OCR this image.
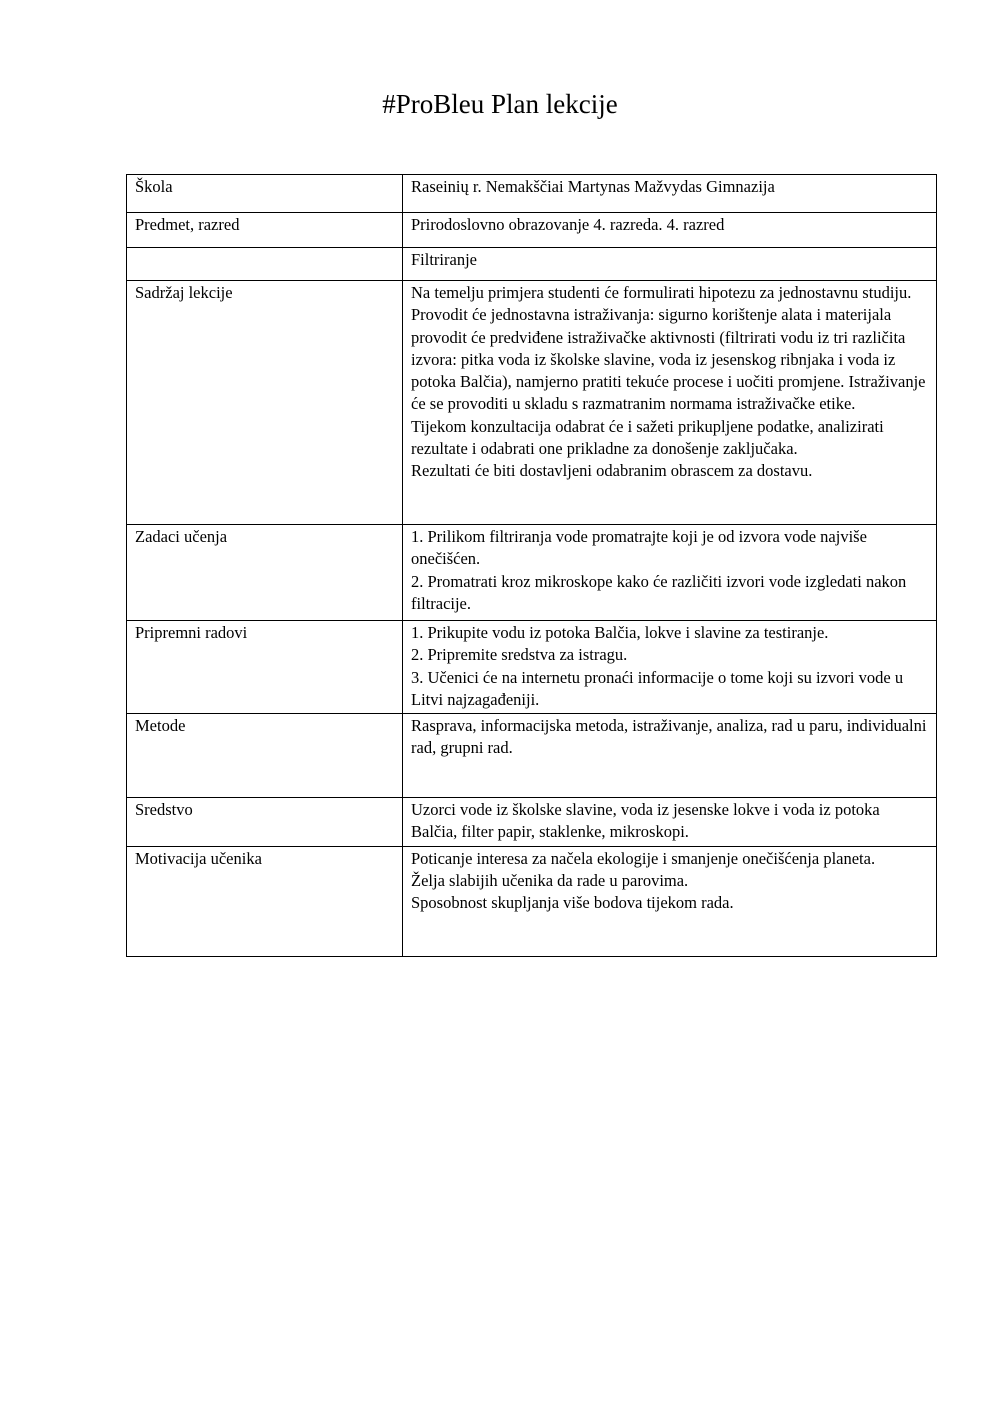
#ProBleu Plan lekcije
Škola	Raseinių r. Nemakščiai Martynas Mažvydas Gimnazija

Predmet, razred	Prirodoslovno obrazovanje 4. razreda. 4. razred

	Filtriranje

Sadržaj lekcije	Na temelju primjera studenti će formulirati hipotezu za jednostavnu studiju.
Provodit će jednostavna istraživanja: sigurno korištenje alata i materijala provodit će predviđene istraživačke aktivnosti (filtrirati vodu iz tri različita izvora: pitka voda iz školske slavine, voda iz jesenskog ribnjaka i voda iz potoka Balčia), namjerno pratiti tekuće procese i uočiti promjene. Istraživanje će se provoditi u skladu s razmatranim normama istraživačke etike.
Tijekom konzultacija odabrat će i sažeti prikupljene podatke, analizirati rezultate i odabrati one prikladne za donošenje zaključaka.
Rezultati će biti dostavljeni odabranim obrascem za dostavu.

Zadaci učenja	1. Prilikom filtriranja vode promatrajte koji je od izvora vode najviše onečišćen.
2. Promatrati kroz mikroskope kako će različiti izvori vode izgledati nakon filtracije.

Pripremni radovi	1. Prikupite vodu iz potoka Balčia, lokve i slavine za testiranje.
2. Pripremite sredstva za istragu.
3. Učenici će na internetu pronaći informacije o tome koji su izvori vode u Litvi najzagađeniji.

Metode	Rasprava, informacijska metoda, istraživanje, analiza, rad u paru, individualni rad, grupni rad.

Sredstvo	Uzorci vode iz školske slavine, voda iz jesenske lokve i voda iz potoka Balčia, filter papir, staklenke, mikroskopi.

Motivacija učenika	Poticanje interesa za načela ekologije i smanjenje onečišćenja planeta.
Želja slabijih učenika da rade u parovima.
Sposobnost skupljanja više bodova tijekom rada.
